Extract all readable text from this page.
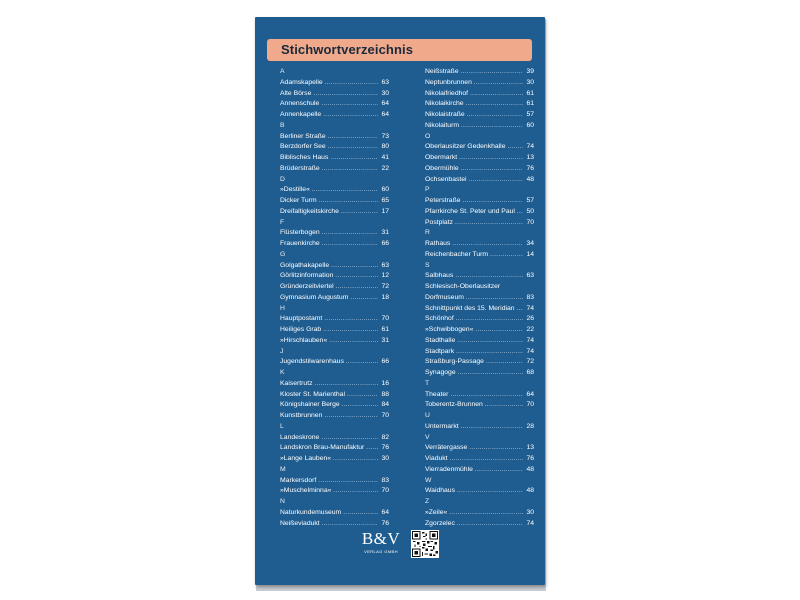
Stichwortverzeichnis
A
Adamskapelle .....	63
Alte Börse .....	30
Annenschule .....	64
Annenkapelle .....	64
B
Berliner Straße .....	73
Berzdorfer See .....	80
Biblisches Haus .....	41
Brüderstraße .....	22
D
»Destille« .....	60
Dicker Turm .....	65
Dreifaltigkeitskirche .....	17
F
Flüsterbogen .....	31
Frauenkirche .....	66
G
Golgathakapelle .....	63
Görlitzinformation .....	12
Gründerzeitviertel .....	72
Gymnasium Augustum .....	18
H
Hauptpostamt .....	70
Heiliges Grab .....	61
»Hirschlauben« .....	31
J
Jugendstilwarenhaus .....	66
K
Kaisertrutz .....	16
Kloster St. Marienthal .....	88
Königshainer Berge .....	84
Kunstbrunnen .....	70
L
Landeskrone .....	82
Landskron Brau-Manufaktur .....	76
»Lange Lauben« .....	30
M
Markersdorf .....	83
»Muschelminna« .....	70
N
Naturkundemuseum .....	64
Neißeviadukt .....	76
Neißstraße .....	39
Neptunbrunnen .....	30
Nikolaifriedhof .....	61
Nikolaikirche .....	61
Nikolaistraße .....	57
Nikolaiturm .....	60
O
Oberlausitzer Gedenkhalle .....	74
Obermarkt .....	13
Obermühle .....	76
Ochsenbastei .....	48
P
Peterstraße .....	57
Pfarrkirche St. Peter und Paul ..... 50
Postplatz .....	70
R
Rathaus .....	34
Reichenbacher Turm .....	14
S
Salbhaus .....	63
Schlesisch-Oberlausitzer
Dorfmuseum .....	83
Schnittpunkt des 15. Meridian ..... 74
Schönhof .....	26
»Schwibbogen« .....	22
Stadthalle .....	74
Stadtpark .....	74
Straßburg-Passage .....	72
Synagoge .....	68
T
Theater .....	64
Toberentz-Brunnen .....	70
U
Untermarkt .....	28
V
Verrätergasse .....	13
Viadukt .....	76
Vierradenmühle .....	48
W
Waidhaus .....	48
Z
»Zeile« .....	30
Zgorzelec .....	74
B&V
VERLAG GMBH
